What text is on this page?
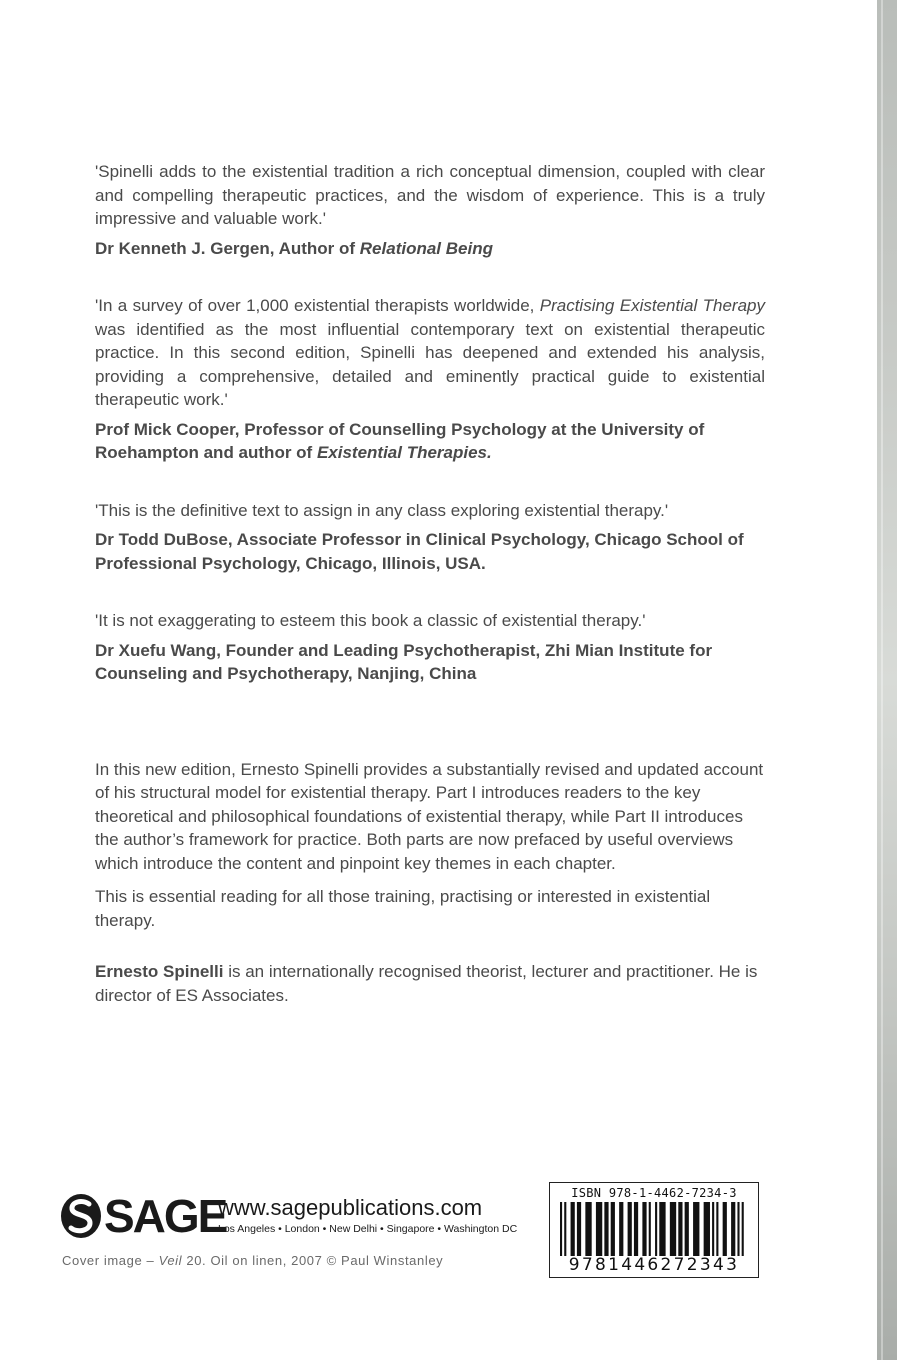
'Spinelli adds to the existential tradition a rich conceptual dimension, coupled with clear and compelling therapeutic practices, and the wisdom of experience. This is a truly impressive and valuable work.'

Dr Kenneth J. Gergen, Author of Relational Being

'In a survey of over 1,000 existential therapists worldwide, Practising Existential Therapy was identified as the most influential contemporary text on existential therapeutic practice. In this second edition, Spinelli has deepened and extended his analysis, providing a comprehensive, detailed and eminently practical guide to existential therapeutic work.'

Prof Mick Cooper, Professor of Counselling Psychology at the University of Roehampton and author of Existential Therapies.

'This is the definitive text to assign in any class exploring existential therapy.'

Dr Todd DuBose, Associate Professor in Clinical Psychology, Chicago School of Professional Psychology, Chicago, Illinois, USA.

'It is not exaggerating to esteem this book a classic of existential therapy.'

Dr Xuefu Wang, Founder and Leading Psychotherapist, Zhi Mian Institute for Counseling and Psychotherapy, Nanjing, China

In this new edition, Ernesto Spinelli provides a substantially revised and updated account of his structural model for existential therapy. Part I introduces readers to the key theoretical and philosophical foundations of existential therapy, while Part II introduces the author’s framework for practice. Both parts are now prefaced by useful overviews which introduce the content and pinpoint key themes in each chapter.

This is essential reading for all those training, practising or interested in existential therapy.

Ernesto Spinelli is an internationally recognised theorist, lecturer and practitioner. He is director of ES Associates.

SAGE
www.sagepublications.com
Los Angeles • London • New Delhi • Singapore • Washington DC
Cover image – Veil 20. Oil on linen, 2007 © Paul Winstanley
ISBN 978-1-4462-7234-3
9781446272343
